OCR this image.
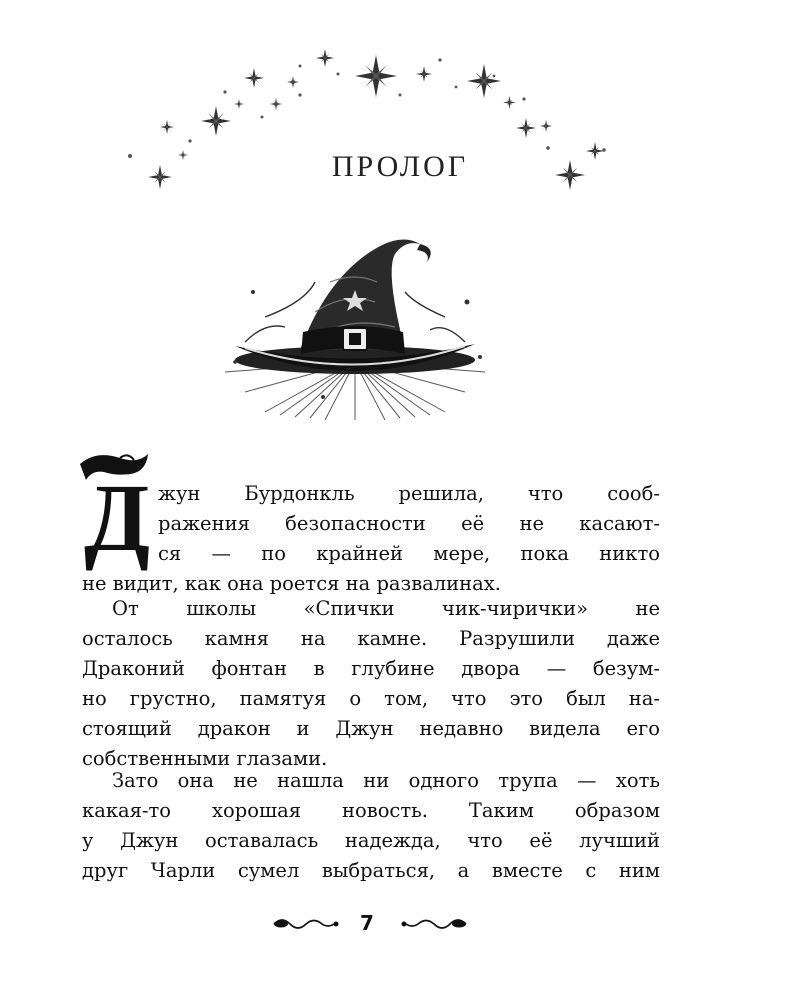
ПРОЛОГ
Д жун Бурдонкль решила, что сооб-
ражения безопасности её не касают-
ся — по крайней мере, пока никто
не видит, как она роется на развалинах.

От школы «Спички чик-чирички» не
осталось камня на камне. Разрушили даже
Драконий фонтан в глубине двора — безум-
но грустно, памятуя о том, что это был на-
стоящий дракон и Джун недавно видела его
собственными глазами.

Зато она не нашла ни одного трупа — хоть
какая-то хорошая новость. Таким образом
у Джун оставалась надежда, что её лучший
друг Чарли сумел выбраться, а вместе с ним

7
